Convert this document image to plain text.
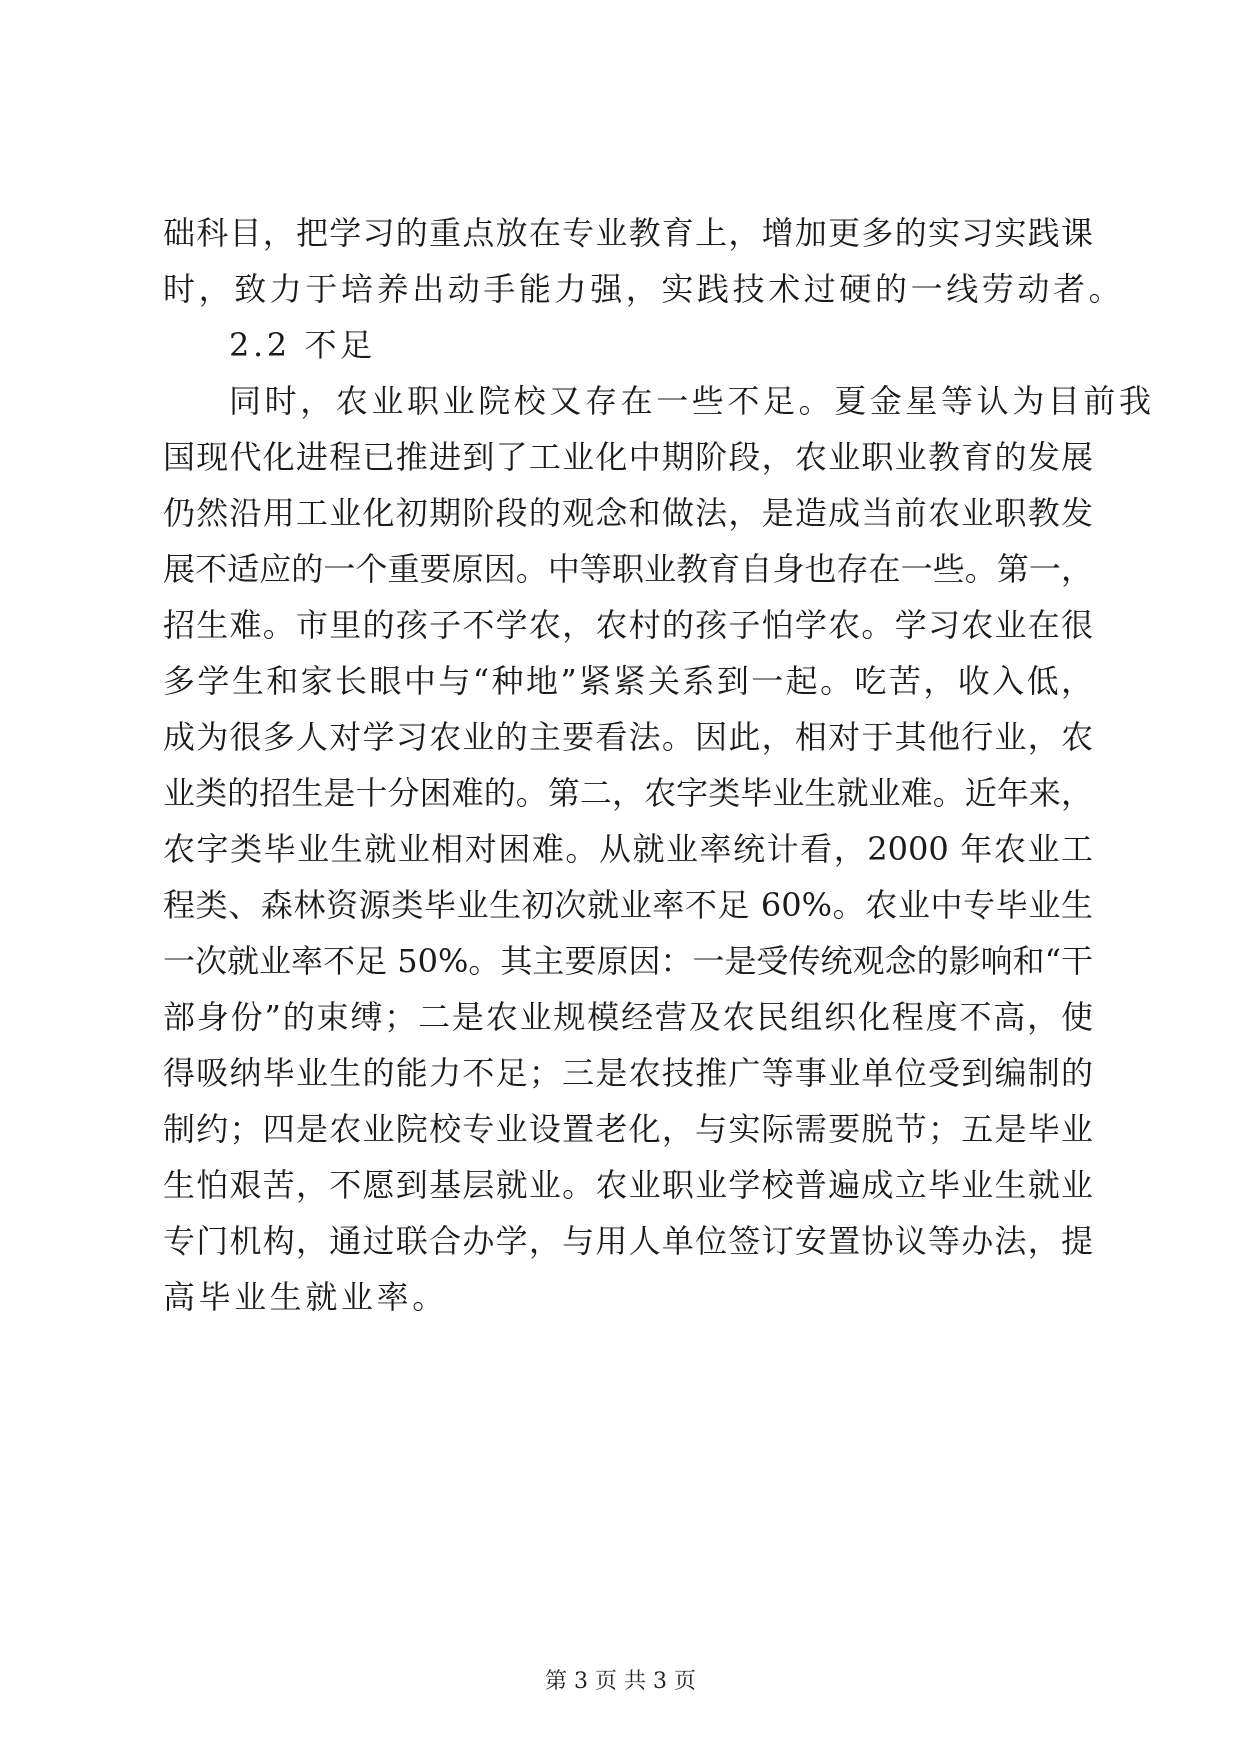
础科目，把学习的重点放在专业教育上，增加更多的实习实践课
时，致力于培养出动手能力强，实践技术过硬的一线劳动者。
2.2 不足
同时，农业职业院校又存在一些不足。夏金星等认为目前我
国现代化进程已推进到了工业化中期阶段，农业职业教育的发展
仍然沿用工业化初期阶段的观念和做法，是造成当前农业职教发
展不适应的一个重要原因。中等职业教育自身也存在一些。第一，
招生难。市里的孩子不学农，农村的孩子怕学农。学习农业在很
多学生和家长眼中与“种地”紧紧关系到一起。吃苦，收入低，
成为很多人对学习农业的主要看法。因此，相对于其他行业，农
业类的招生是十分困难的。第二，农字类毕业生就业难。近年来，
农字类毕业生就业相对困难。从就业率统计看，2000 年农业工
程类、森林资源类毕业生初次就业率不足 60%。农业中专毕业生
一次就业率不足 50%。其主要原因：一是受传统观念的影响和“干
部身份”的束缚；二是农业规模经营及农民组织化程度不高，使
得吸纳毕业生的能力不足；三是农技推广等事业单位受到编制的
制约；四是农业院校专业设置老化，与实际需要脱节；五是毕业
生怕艰苦，不愿到基层就业。农业职业学校普遍成立毕业生就业
专门机构，通过联合办学，与用人单位签订安置协议等办法，提
高毕业生就业率。
第 3 页 共 3 页
